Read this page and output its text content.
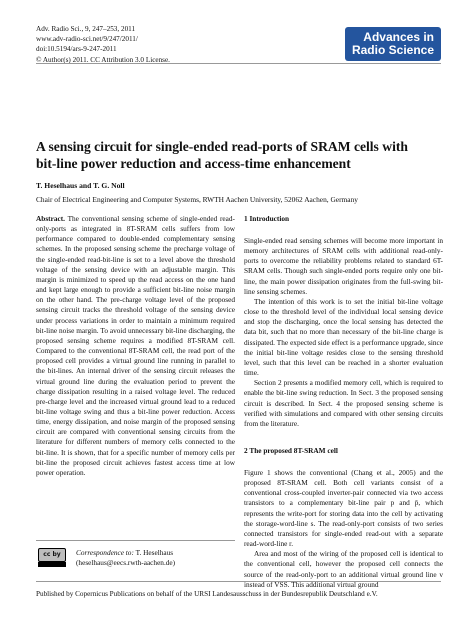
Adv. Radio Sci., 9, 247–253, 2011
www.adv-radio-sci.net/9/247/2011/
doi:10.5194/ars-9-247-2011
© Author(s) 2011. CC Attribution 3.0 License.
Advances in
Radio Science
A sensing circuit for single-ended read-ports of SRAM cells with
bit-line power reduction and access-time enhancement
T. Heselhaus and T. G. Noll
Chair of Electrical Engineering and Computer Systems, RWTH Aachen University, 52062 Aachen, Germany

Abstract. The conventional sensing scheme of single-ended read-only-ports as integrated in 8T-SRAM cells suffers from low performance compared to double-ended complementary sensing schemes. In the proposed sensing scheme the precharge voltage of the single-ended read-bit-line is set to a level above the threshold voltage of the sensing device with an adjustable margin. This margin is minimized to speed up the read access on the one hand and kept large enough to provide a sufficient bit-line noise margin on the other hand. The pre-charge voltage level of the proposed sensing circuit tracks the threshold voltage of the sensing device under process variations in order to maintain a minimum required bit-line noise margin. To avoid unnecessary bit-line discharging, the proposed sensing scheme requires a modified 8T-SRAM cell. Compared to the conventional 8T-SRAM cell, the read port of the proposed cell provides a virtual ground line running in parallel to the bit-lines. An internal driver of the sensing circuit releases the virtual ground line during the evaluation period to prevent the charge dissipation resulting in a raised voltage level. The reduced pre-charge level and the increased virtual ground lead to a reduced bit-line voltage swing and thus a bit-line power reduction. Access time, energy dissipation, and noise margin of the proposed sensing circuit are compared with conventional sensing circuits from the literature for different numbers of memory cells connected to the bit-line. It is shown, that for a specific number of memory cells per bit-line the proposed circuit achieves fastest access time at low power operation.

1 Introduction

Single-ended read sensing schemes will become more important in memory architectures of SRAM cells with additional read-only-ports to overcome the reliability problems related to standard 6T-SRAM cells. Though such single-ended ports require only one bit-line, the main power dissipation originates from the full-swing bit-line sensing schemes.

The intention of this work is to set the initial bit-line voltage close to the threshold level of the individual local sensing device and stop the discharging, once the local sensing has detected the data bit, such that no more than necessary of the bit-line charge is dissipated. The expected side effect is a performance upgrade, since the initial bit-line voltage resides close to the sensing threshold level, such that this level can be reached in a shorter evaluation time.

Section 2 presents a modified memory cell, which is required to enable the bit-line swing reduction. In Sect. 3 the proposed sensing circuit is described. In Sect. 4 the proposed sensing scheme is verified with simulations and compared with other sensing circuits from the literature.

2 The proposed 8T-SRAM cell

Figure 1 shows the conventional (Chang et al., 2005) and the proposed 8T-SRAM cell. Both cell variants consist of a conventional cross-coupled inverter-pair connected via two access transistors to a complementary bit-line pair p and p̄, which represents the write-port for storing data into the cell by activating the storage-word-line s. The read-only-port consists of two series connected transistors for single-ended read-out with a separate read-word-line r.

Area and most of the wiring of the proposed cell is identical to the conventional cell, however the proposed cell connects the source of the read-only-port to an additional virtual ground line v instead of VSS. This additional virtual ground

cc by	Correspondence to: T. Heselhaus
(heselhaus@eecs.rwth-aachen.de)
Published by Copernicus Publications on behalf of the URSI Landesausschuss in der Bundesrepublik Deutschland e.V.
